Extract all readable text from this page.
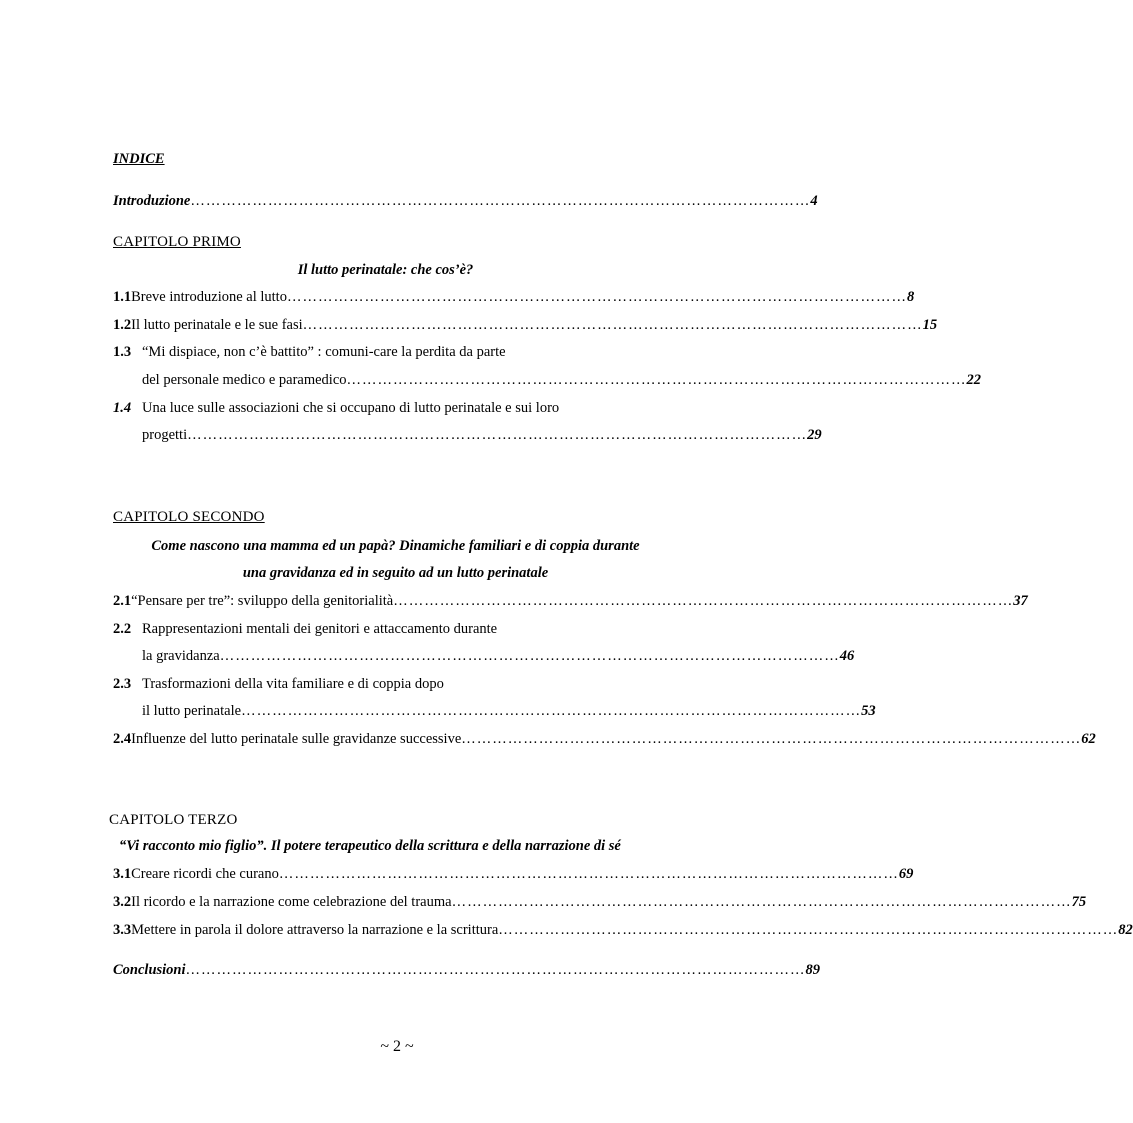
INDICE
Introduzione ………………………………………………………………………………………………………… 4
CAPITOLO PRIMO
Il lutto perinatale: che cos’è?
1.1 Breve introduzione al lutto ………………………………………………………………………………………………………… 8
1.2 Il lutto perinatale e le sue fasi ………………………………………………………………………………………………………… 15
1.3 “Mi dispiace, non c’è battito” : comuni-care la perdita da parte
del personale medico e paramedico ………………………………………………………………………………………………………… 22
1.4 Una luce sulle associazioni che si occupano di lutto perinatale e sui loro
progetti ………………………………………………………………………………………………………… 29
CAPITOLO SECONDO
Come nascono una mamma ed un papà? Dinamiche familiari e di coppia durante
una gravidanza ed in seguito ad un lutto perinatale
2.1 “Pensare per tre”: sviluppo della genitorialità ………………………………………………………………………………………………………… 37
2.2 Rappresentazioni mentali dei genitori e attaccamento durante
la gravidanza ………………………………………………………………………………………………………… 46
2.3 Trasformazioni della vita familiare e di coppia dopo
il lutto perinatale ………………………………………………………………………………………………………… 53
2.4 Influenze del lutto perinatale sulle gravidanze successive ………………………………………………………………………………………………………… 62
CAPITOLO TERZO
“Vi racconto mio figlio”. Il potere terapeutico della scrittura e della narrazione di sé
3.1 Creare ricordi che curano ………………………………………………………………………………………………………… 69
3.2 Il ricordo e la narrazione come celebrazione del trauma ………………………………………………………………………………………………………… 75
3.3 Mettere in parola il dolore attraverso la narrazione e la scrittura ………………………………………………………………………………………………………… 82
Conclusioni ………………………………………………………………………………………………………… 89
~ 2 ~
